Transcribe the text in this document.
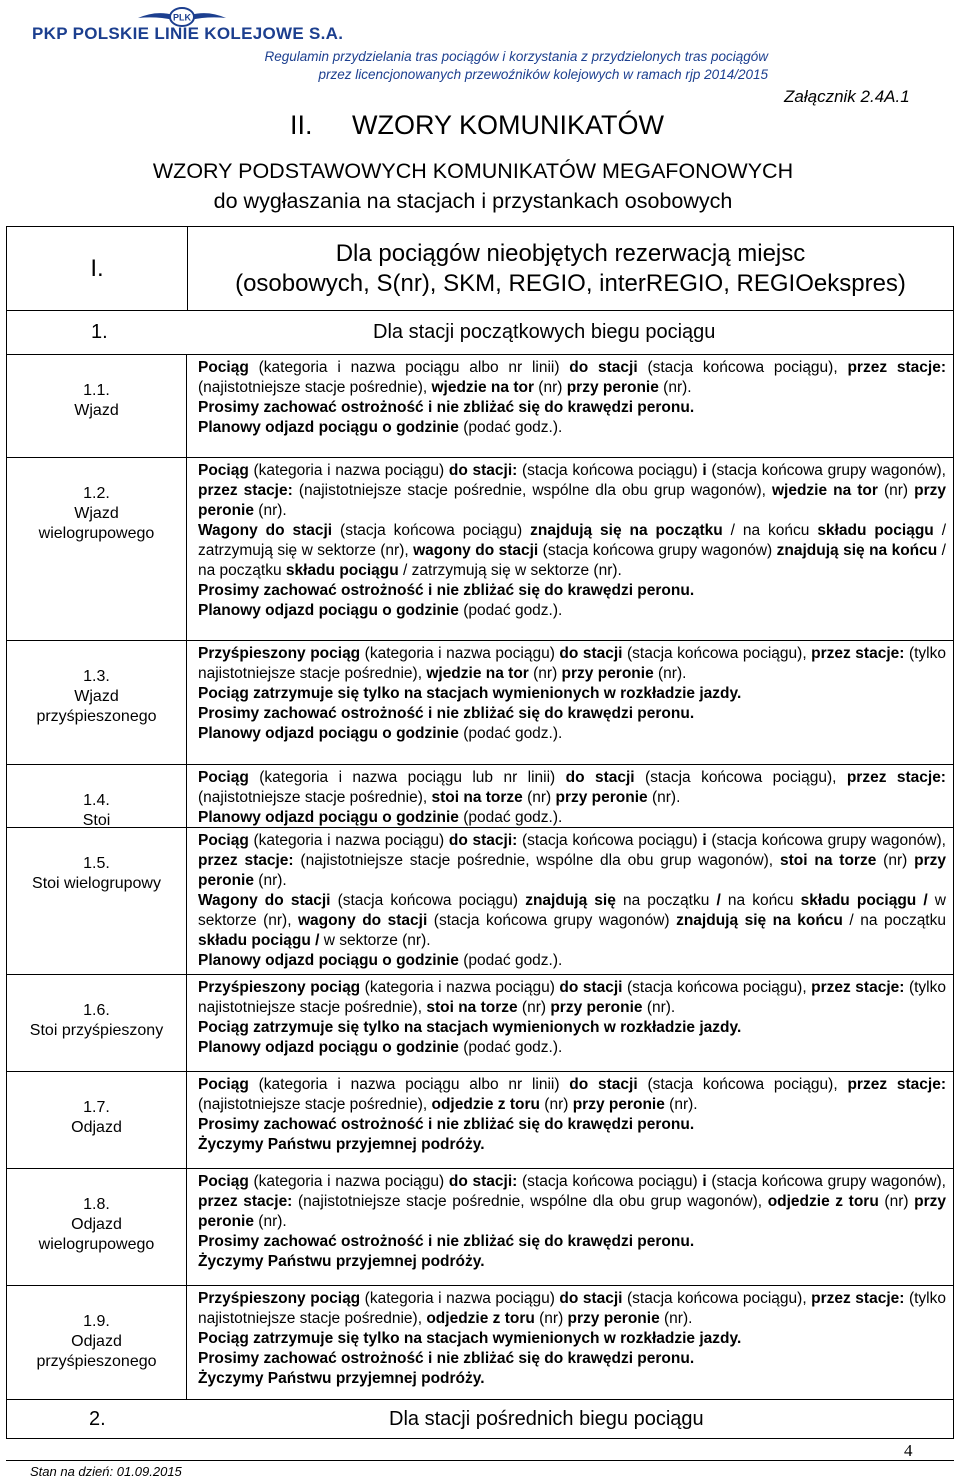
PLK
PKP POLSKIE LINIE KOLEJOWE S.A.
Regulamin przydzielania tras pociągów i korzystania z przydzielonych tras pociągów
przez licencjonowanych przewoźników kolejowych w ramach rjp 2014/2015
Załącznik 2.4A.1
II. WZORY KOMUNIKATÓW
WZORY PODSTAWOWYCH KOMUNIKATÓW MEGAFONOWYCH
do wygłaszania na stacjach i przystankach osobowych
I.
Dla pociągów nieobjętych rezerwacją miejsc
(osobowych, S(nr), SKM, REGIO, interREGIO, REGIOekspres)
1.	Dla stacji początkowych biegu pociągu
1.1.
Wjazd

Pociąg (kategoria i nazwa pociągu albo nr linii) do stacji (stacja końcowa pociągu), przez stacje: (najistotniejsze stacje pośrednie), wjedzie na tor (nr) przy peronie (nr).

Prosimy zachować ostrożność i nie zbliżać się do krawędzi peronu.

Planowy odjazd pociągu o godzinie (podać godz.).

1.2.
Wjazd
wielogrupowego

Pociąg (kategoria i nazwa pociągu) do stacji: (stacja końcowa pociągu) i (stacja końcowa grupy wagonów), przez stacje: (najistotniejsze stacje pośrednie, wspólne dla obu grup wagonów), wjedzie na tor (nr) przy peronie (nr).

Wagony do stacji (stacja końcowa pociągu) znajdują się na początku / na końcu składu pociągu / zatrzymują się w sektorze (nr), wagony do stacji (stacja końcowa grupy wagonów) znajdują się na końcu / na początku składu pociągu / zatrzymują się w sektorze (nr).

Prosimy zachować ostrożność i nie zbliżać się do krawędzi peronu.

Planowy odjazd pociągu o godzinie (podać godz.).

1.3.
Wjazd
przyśpieszonego

Przyśpieszony pociąg (kategoria i nazwa pociągu) do stacji (stacja końcowa pociągu), przez stacje: (tylko najistotniejsze stacje pośrednie), wjedzie na tor (nr) przy peronie (nr).

Pociąg zatrzymuje się tylko na stacjach wymienionych w rozkładzie jazdy.

Prosimy zachować ostrożność i nie zbliżać się do krawędzi peronu.

Planowy odjazd pociągu o godzinie (podać godz.).

1.4.
Stoi

Pociąg (kategoria i nazwa pociągu lub nr linii) do stacji (stacja końcowa pociągu), przez stacje: (najistotniejsze stacje pośrednie), stoi na torze (nr) przy peronie (nr).

Planowy odjazd pociągu o godzinie (podać godz.).

1.5.
Stoi wielogrupowy

Pociąg (kategoria i nazwa pociągu) do stacji: (stacja końcowa pociągu) i (stacja końcowa grupy wagonów), przez stacje: (najistotniejsze stacje pośrednie, wspólne dla obu grup wagonów), stoi na torze (nr) przy peronie (nr).

Wagony do stacji (stacja końcowa pociągu) znajdują się na początku / na końcu składu pociągu / w sektorze (nr), wagony do stacji (stacja końcowa grupy wagonów) znajdują się na końcu / na początku składu pociągu / w sektorze (nr).

Planowy odjazd pociągu o godzinie (podać godz.).

1.6.
Stoi przyśpieszony

Przyśpieszony pociąg (kategoria i nazwa pociągu) do stacji (stacja końcowa pociągu), przez stacje: (tylko najistotniejsze stacje pośrednie), stoi na torze (nr) przy peronie (nr).

Pociąg zatrzymuje się tylko na stacjach wymienionych w rozkładzie jazdy.

Planowy odjazd pociągu o godzinie (podać godz.).

1.7.
Odjazd

Pociąg (kategoria i nazwa pociągu albo nr linii) do stacji (stacja końcowa pociągu), przez stacje: (najistotniejsze stacje pośrednie), odjedzie z toru (nr) przy peronie (nr).

Prosimy zachować ostrożność i nie zbliżać się do krawędzi peronu.

Życzymy Państwu przyjemnej podróży.

1.8.
Odjazd
wielogrupowego

Pociąg (kategoria i nazwa pociągu) do stacji: (stacja końcowa pociągu) i (stacja końcowa grupy wagonów), przez stacje: (najistotniejsze stacje pośrednie, wspólne dla obu grup wagonów), odjedzie z toru (nr) przy peronie (nr).

Prosimy zachować ostrożność i nie zbliżać się do krawędzi peronu.

Życzymy Państwu przyjemnej podróży.

1.9.
Odjazd
przyśpieszonego

Przyśpieszony pociąg (kategoria i nazwa pociągu) do stacji (stacja końcowa pociągu), przez stacje: (tylko najistotniejsze stacje pośrednie), odjedzie z toru (nr) przy peronie (nr).

Pociąg zatrzymuje się tylko na stacjach wymienionych w rozkładzie jazdy.

Prosimy zachować ostrożność i nie zbliżać się do krawędzi peronu.

Życzymy Państwu przyjemnej podróży.

2.	Dla stacji pośrednich biegu pociągu
Stan na dzień: 01.09.2015
4
